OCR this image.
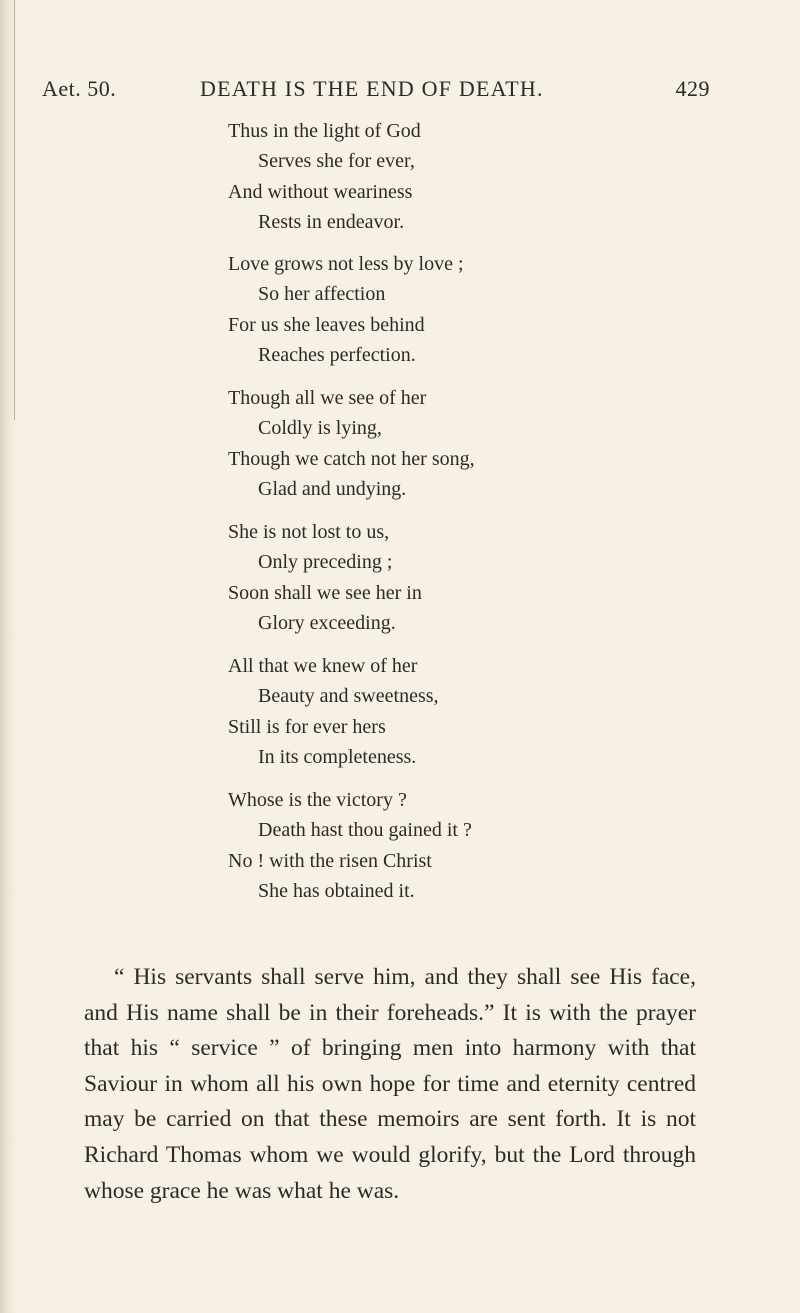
Aet. 50.	DEATH IS THE END OF DEATH.	429
Thus in the light of God
Serves she for ever,
And without weariness
Rests in endeavor.
Love grows not less by love ;
So her affection
For us she leaves behind
Reaches perfection.
Though all we see of her
Coldly is lying,
Though we catch not her song,
Glad and undying.
She is not lost to us,
Only preceding ;
Soon shall we see her in
Glory exceeding.
All that we knew of her
Beauty and sweetness,
Still is for ever hers
In its completeness.
Whose is the victory ?
Death hast thou gained it ?
No ! with the risen Christ
She has obtained it.

“ His servants shall serve him, and they shall see His face, and His name shall be in their foreheads.” It is with the prayer that his “ service ” of bringing men into harmony with that Saviour in whom all his own hope for time and eternity centred may be carried on that these memoirs are sent forth. It is not Richard Thomas whom we would glorify, but the Lord through whose grace he was what he was.
